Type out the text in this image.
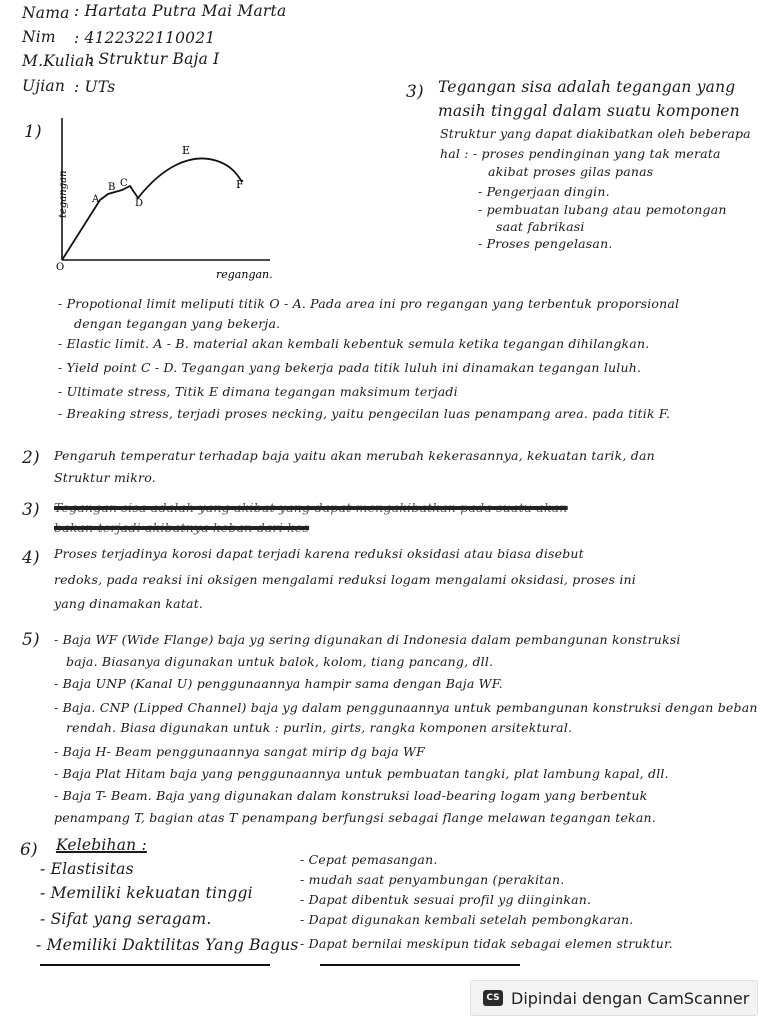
Nama : Hartata Putra Mai Marta
Nim : 4122322110021
M.Kuliah
: Struktur Baja I
Ujian : UTs
1)
tegangan
regangan.
O
A
B C
D
E
F
3) Tegangan sisa adalah tegangan yang
masih tinggal dalam suatu komponen
Struktur yang dapat diakibatkan oleh beberapa
hal : - proses pendinginan yang tak merata
akibat proses gilas panas
- Pengerjaan dingin.
- pembuatan lubang atau pemotongan
saat fabrikasi
- Proses pengelasan.
- Propotional limit meliputi titik O - A. Pada area ini pro regangan yang terbentuk proporsional
dengan tegangan yang bekerja.
- Elastic limit. A - B. material akan kembali kebentuk semula ketika tegangan dihilangkan.
- Yield point C - D. Tegangan yang bekerja pada titik luluh ini dinamakan tegangan luluh.
- Ultimate stress, Titik E dimana tegangan maksimum terjadi
- Breaking stress, terjadi proses necking, yaitu pengecilan luas penampang area. pada titik F.
2) Pengaruh temperatur terhadap baja yaitu akan merubah kekerasannya, kekuatan tarik, dan
Struktur mikro.
3) Tegangan sisa adalah yang akibat yang dapat mengakibatkan pada suatu akan
bakan terjadi akibatnya keban dari kes
4) Proses terjadinya korosi dapat terjadi karena reduksi oksidasi atau biasa disebut
redoks, pada reaksi ini oksigen mengalami reduksi logam mengalami oksidasi, proses ini
yang dinamakan katat.
5) - Baja WF (Wide Flange) baja yg sering digunakan di Indonesia dalam pembangunan konstruksi
baja. Biasanya digunakan untuk balok, kolom, tiang pancang, dll.
- Baja UNP (Kanal U) penggunaannya hampir sama dengan Baja WF.
- Baja. CNP (Lipped Channel) baja yg dalam penggunaannya untuk pembangunan konstruksi dengan beban
rendah. Biasa digunakan untuk : purlin, girts, rangka komponen arsitektural.
- Baja H- Beam penggunaannya sangat mirip dg baja WF
- Baja Plat Hitam baja yang penggunaannya untuk pembuatan tangki, plat lambung kapal, dll.
- Baja T- Beam. Baja yang digunakan dalam konstruksi load-bearing logam yang berbentuk
penampang T, bagian atas T penampang berfungsi sebagai flange melawan tegangan tekan.
6) Kelebihan :
- Elastisitas
- Memiliki kekuatan tinggi
- Sifat yang seragam.
- Memiliki Daktilitas Yang Bagus
- Cepat pemasangan.
- mudah saat penyambungan (perakitan.
- Dapat dibentuk sesuai profil yg diinginkan.
- Dapat digunakan kembali setelah pembongkaran.
- Dapat bernilai meskipun tidak sebagai elemen struktur.
CS Dipindai dengan CamScanner
